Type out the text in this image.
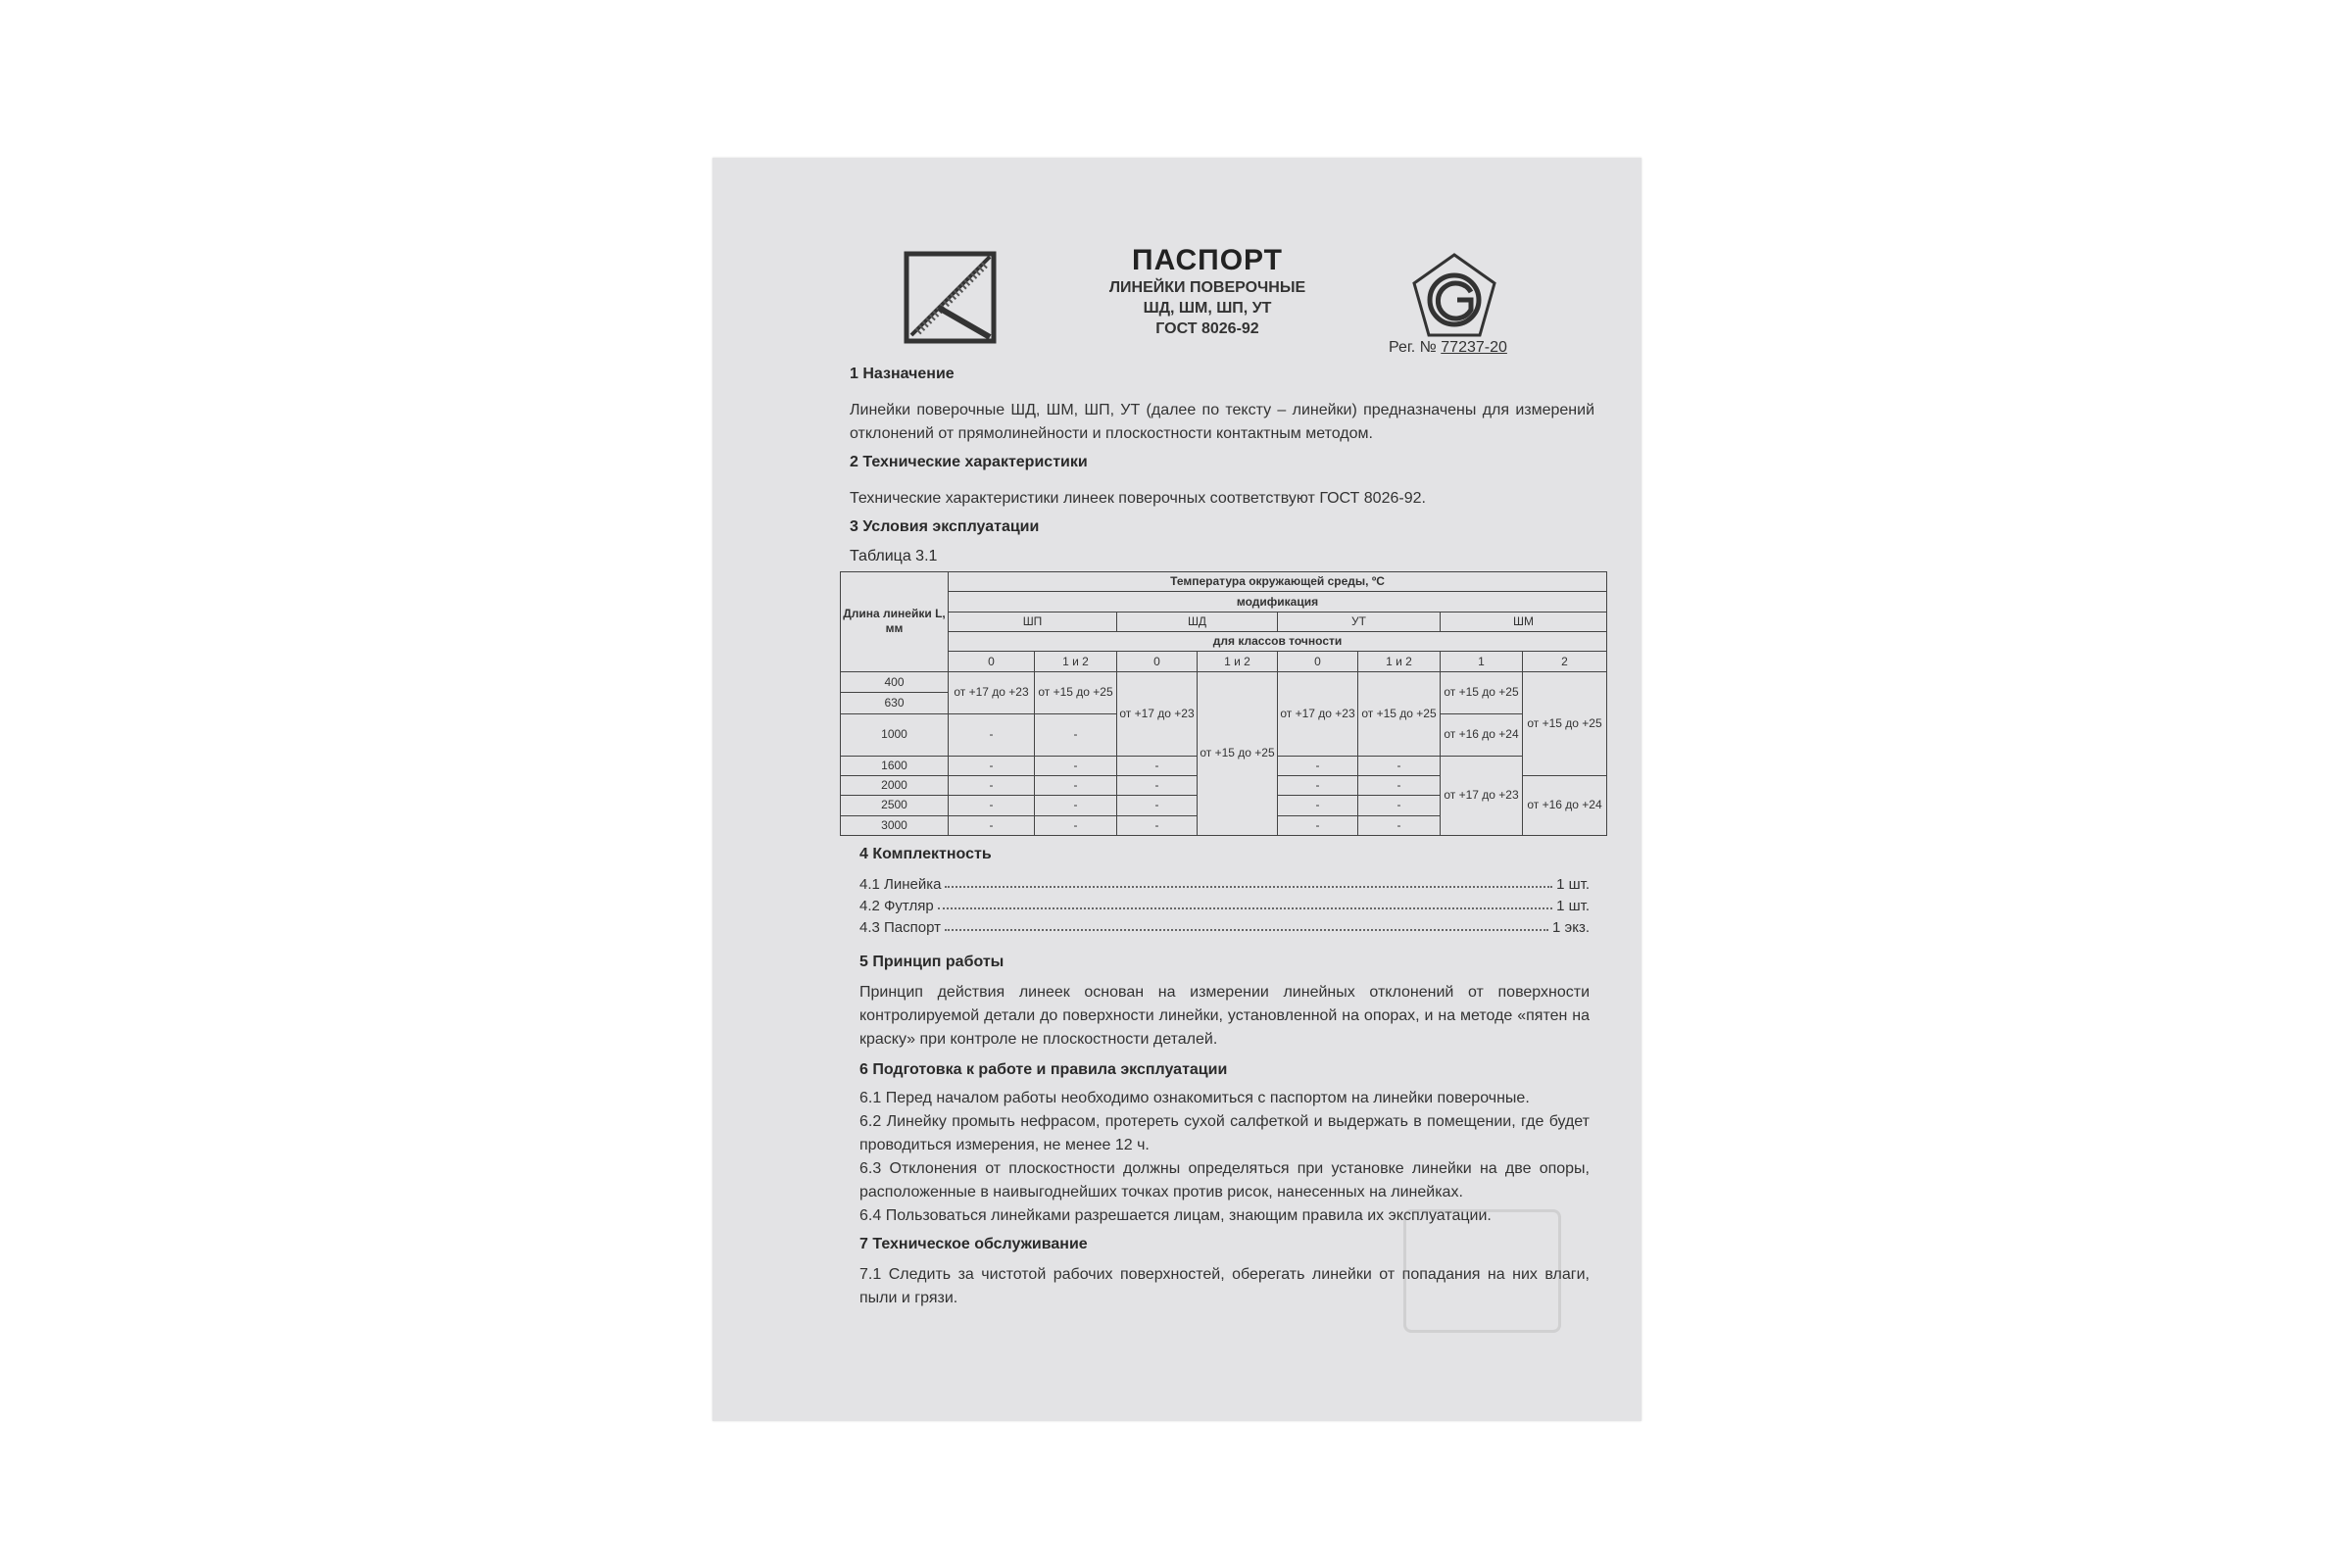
ПАСПОРТ
ЛИНЕЙКИ ПОВЕРОЧНЫЕ
ШД, ШМ, ШП, УТ
ГОСТ 8026-92
Рег. № 77237-20
1 Назначение
Линейки поверочные ШД, ШМ, ШП, УТ (далее по тексту – линейки) предназначены для измерений отклонений от прямолинейности и плоскостности контактным методом.
2 Технические характеристики
Технические характеристики линеек поверочных соответствуют ГОСТ 8026-92.
3 Условия эксплуатации
Таблица 3.1
Длина линейки L, мм	Температура окружающей среды, ºС							
	модификация							
	ШП		ШД		УТ		ШМ	
	для классов точности							
	0	1 и 2	0	1 и 2	0	1 и 2	1	2
400	от +17 до +23	от +15 до +25	от +17 до +23	от +15 до +25	от +17 до +23	от +15 до +25	от +15 до +25	от +15 до +25
630								
1000	-	-					от +16 до +24	
1600	-	-	-		-	-	от +17 до +23	
2000	-	-	-		-	-		от +16 до +24
2500	-	-	-		-	-		
3000	-	-	-		-	-		
4 Комплектность
4.1 Линейка	1 шт.
4.2 Футляр	1 шт.
4.3 Паспорт	1 экз.
5 Принцип работы
Принцип действия линеек основан на измерении линейных отклонений от поверхности контролируемой детали до поверхности линейки, установленной на опорах, и на методе «пятен на краску» при контроле не плоскостности деталей.
6 Подготовка к работе и правила эксплуатации
6.1 Перед началом работы необходимо ознакомиться с паспортом на линейки поверочные.
6.2 Линейку промыть нефрасом, протереть сухой салфеткой и выдержать в помещении, где будет проводиться измерения, не менее 12 ч.
6.3 Отклонения от плоскостности должны определяться при установке линейки на две опоры, расположенные в наивыгоднейших точках против рисок, нанесенных на линейках.
6.4 Пользоваться линейками разрешается лицам, знающим правила их эксплуатации.
7 Техническое обслуживание
7.1 Следить за чистотой рабочих поверхностей, оберегать линейки от попадания на них влаги, пыли и грязи.
